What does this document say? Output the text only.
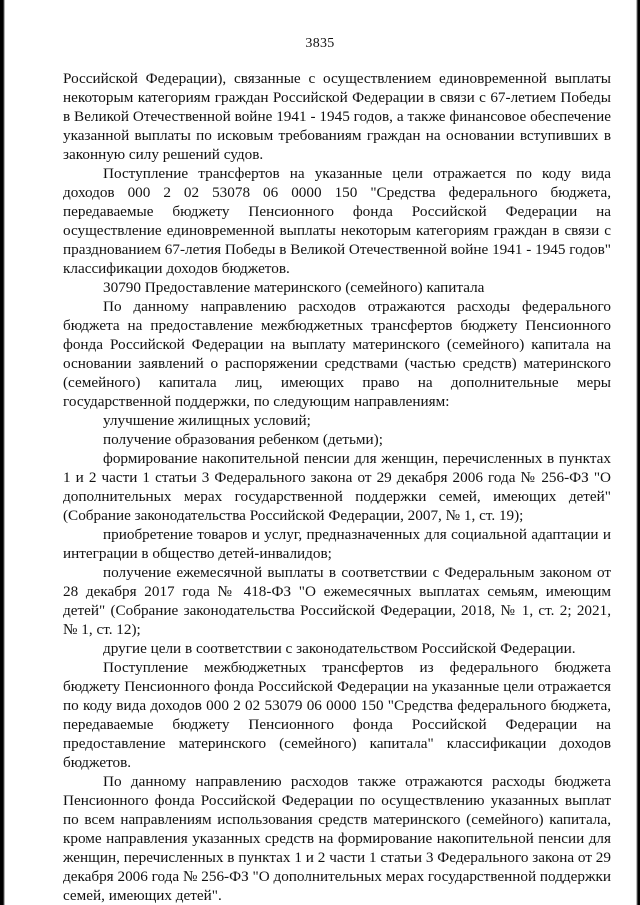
3835

Российской Федерации), связанные с осуществлением единовременной выплаты некоторым категориям граждан Российской Федерации в связи с 67-летием Победы в Великой Отечественной войне 1941 - 1945 годов, а также финансовое обеспечение указанной выплаты по исковым требованиям граждан на основании вступивших в законную силу решений судов.

Поступление трансфертов на указанные цели отражается по коду вида доходов 000 2 02 53078 06 0000 150 "Средства федерального бюджета, передаваемые бюджету Пенсионного фонда Российской Федерации на осуществление единовременной выплаты некоторым категориям граждан в связи с празднованием 67-летия Победы в Великой Отечественной войне 1941 - 1945 годов" классификации доходов бюджетов.

30790 Предоставление материнского (семейного) капитала

По данному направлению расходов отражаются расходы федерального бюджета на предоставление межбюджетных трансфертов бюджету Пенсионного фонда Российской Федерации на выплату материнского (семейного) капитала на основании заявлений о распоряжении средствами (частью средств) материнского (семейного) капитала лиц, имеющих право на дополнительные меры государственной поддержки, по следующим направлениям:

улучшение жилищных условий;

получение образования ребенком (детьми);

формирование накопительной пенсии для женщин, перечисленных в пунктах 1 и 2 части 1 статьи 3 Федерального закона от 29 декабря 2006 года № 256-ФЗ "О дополнительных мерах государственной поддержки семей, имеющих детей" (Собрание законодательства Российской Федерации, 2007, № 1, ст. 19);

приобретение товаров и услуг, предназначенных для социальной адаптации и интеграции в общество детей-инвалидов;

получение ежемесячной выплаты в соответствии с Федеральным законом от 28 декабря 2017 года № 418-ФЗ "О ежемесячных выплатах семьям, имеющим детей" (Собрание законодательства Российской Федерации, 2018, № 1, ст. 2; 2021, № 1, ст. 12);

другие цели в соответствии с законодательством Российской Федерации.

Поступление межбюджетных трансфертов из федерального бюджета бюджету Пенсионного фонда Российской Федерации на указанные цели отражается по коду вида доходов 000 2 02 53079 06 0000 150 "Средства федерального бюджета, передаваемые бюджету Пенсионного фонда Российской Федерации на предоставление материнского (семейного) капитала" классификации доходов бюджетов.

По данному направлению расходов также отражаются расходы бюджета Пенсионного фонда Российской Федерации по осуществлению указанных выплат по всем направлениям использования средств материнского (семейного) капитала, кроме направления указанных средств на формирование накопительной пенсии для женщин, перечисленных в пунктах 1 и 2 части 1 статьи 3 Федерального закона от 29 декабря 2006 года № 256-ФЗ "О дополнительных мерах государственной поддержки семей, имеющих детей".
